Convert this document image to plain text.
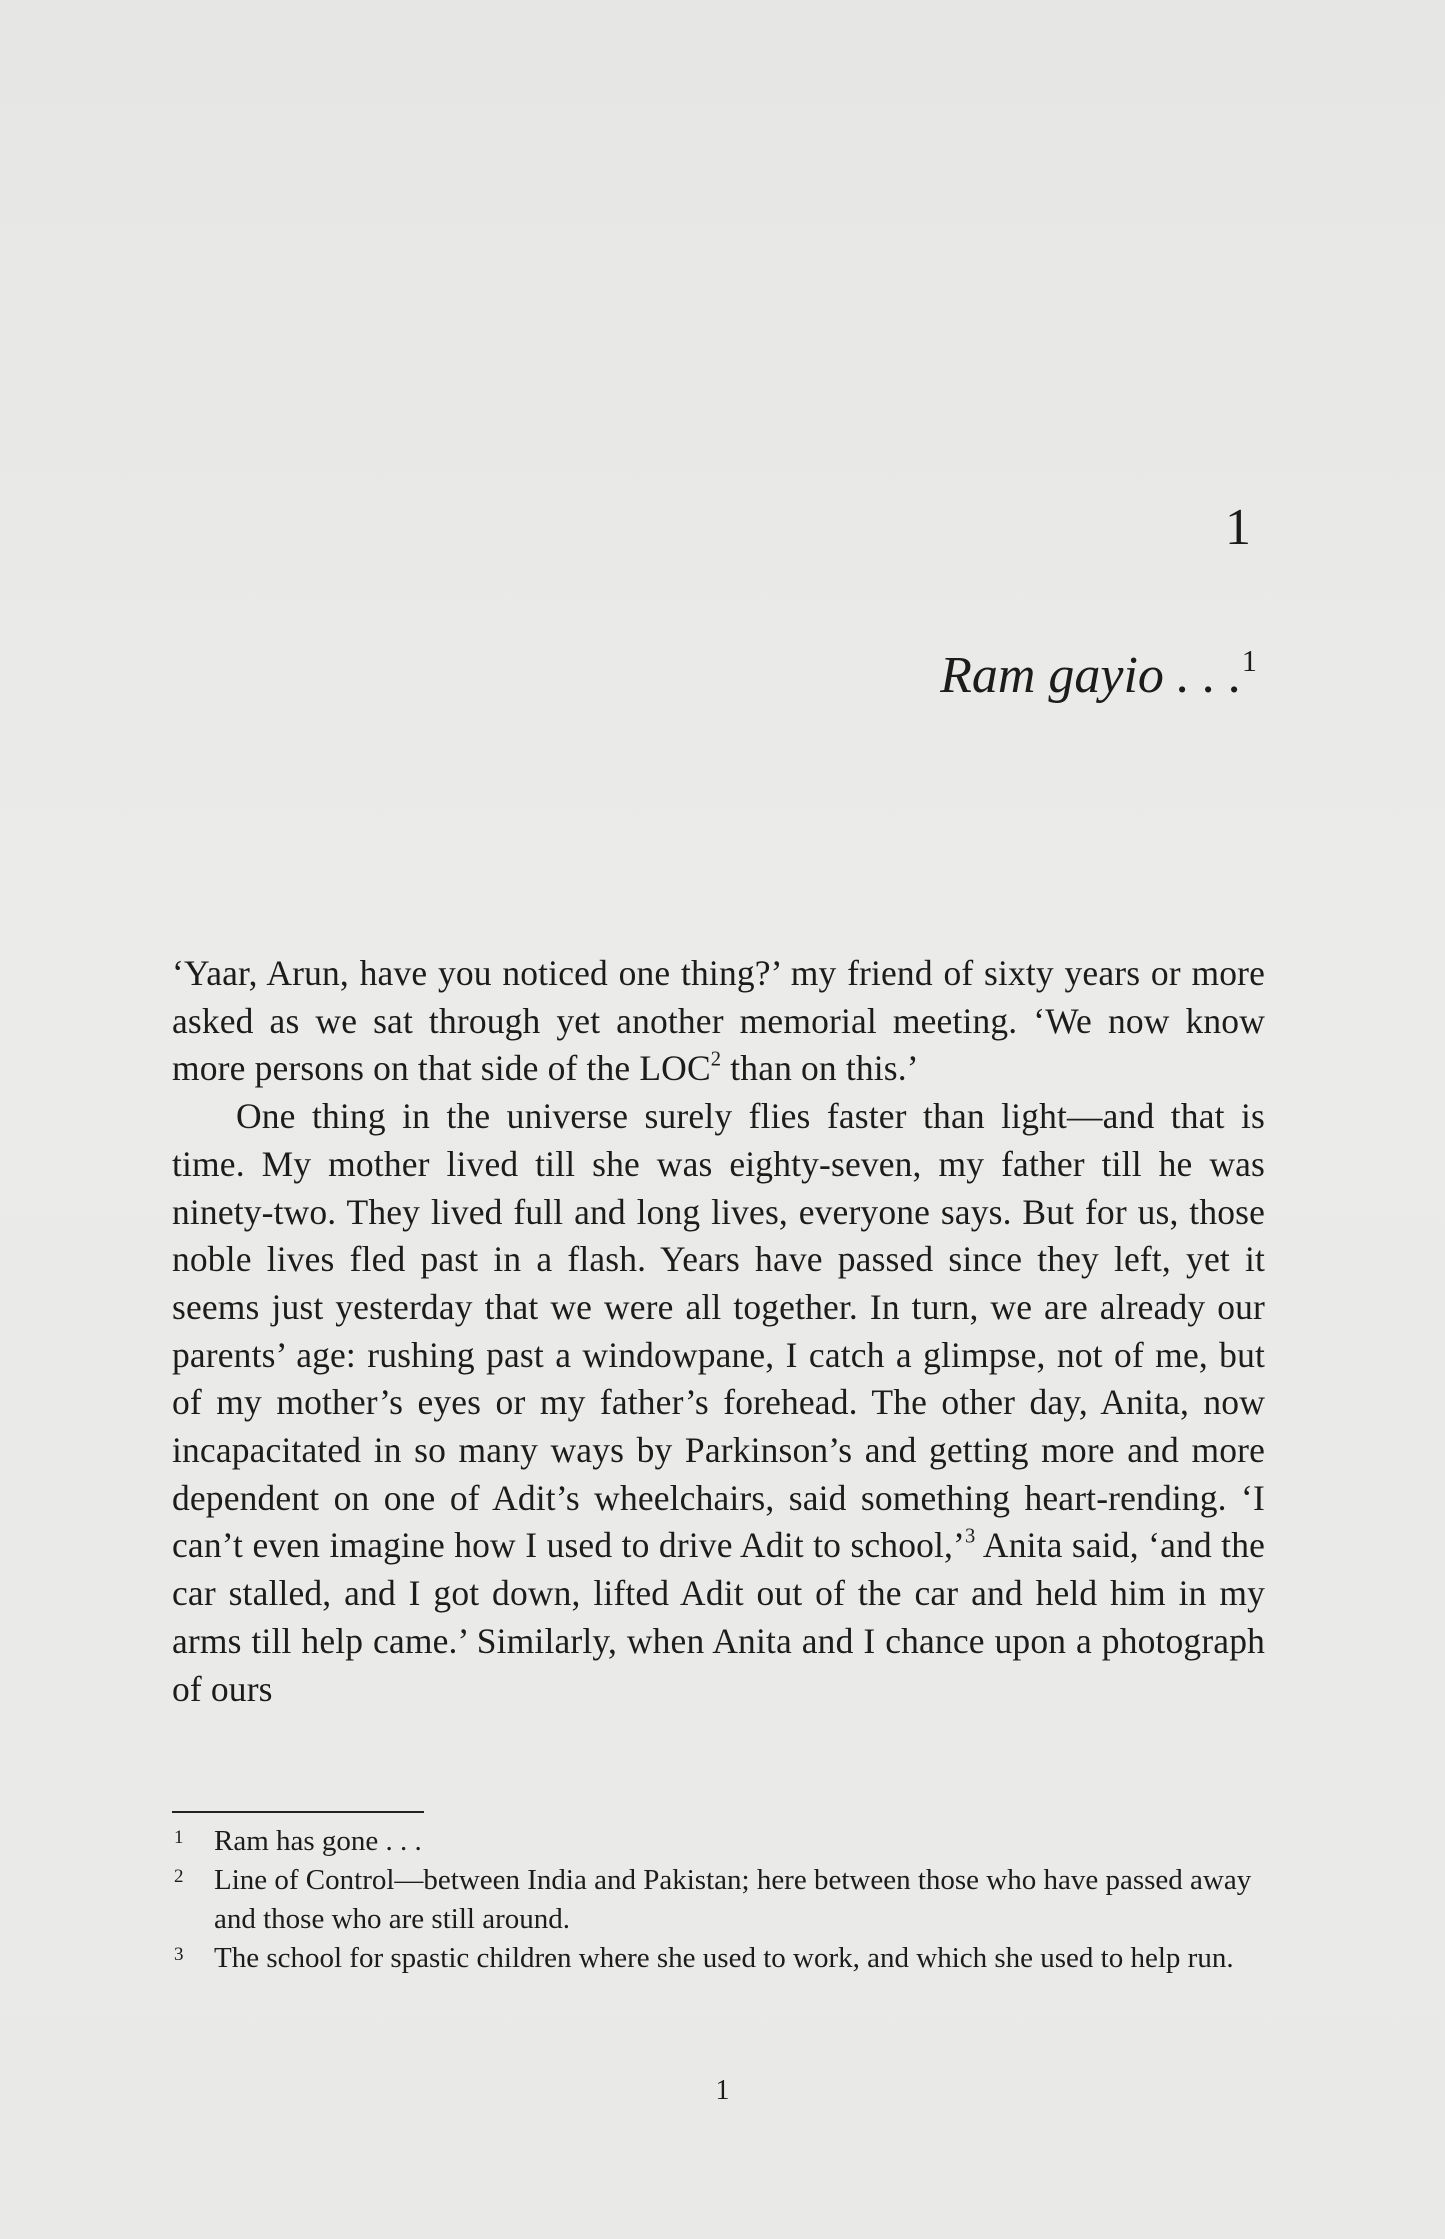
1
Ram gayio . . .$^1$

‘Yaar, Arun, have you noticed one thing?’ my friend of sixty years or more asked as we sat through yet another memorial meeting. ‘We now know more persons on that side of the LOC$^2$ than on this.’

One thing in the universe surely flies faster than light—and that is time. My mother lived till she was eighty-seven, my father till he was ninety-two. They lived full and long lives, everyone says. But for us, those noble lives fled past in a flash. Years have passed since they left, yet it seems just yesterday that we were all together. In turn, we are already our parents’ age: rushing past a windowpane, I catch a glimpse, not of me, but of my mother’s eyes or my father’s forehead. The other day, Anita, now incapacitated in so many ways by Parkinson’s and getting more and more dependent on one of Adit’s wheelchairs, said something heart-rending. ‘I can’t even imagine how I used to drive Adit to school,’$^3$ Anita said, ‘and the car stalled, and I got down, lifted Adit out of the car and held him in my arms till help came.’ Similarly, when Anita and I chance upon a photograph of ours

1 Ram has gone . . .

2 Line of Control—between India and Pakistan; here between those who have passed away and those who are still around.

3 The school for spastic children where she used to work, and which she used to help run.

1
